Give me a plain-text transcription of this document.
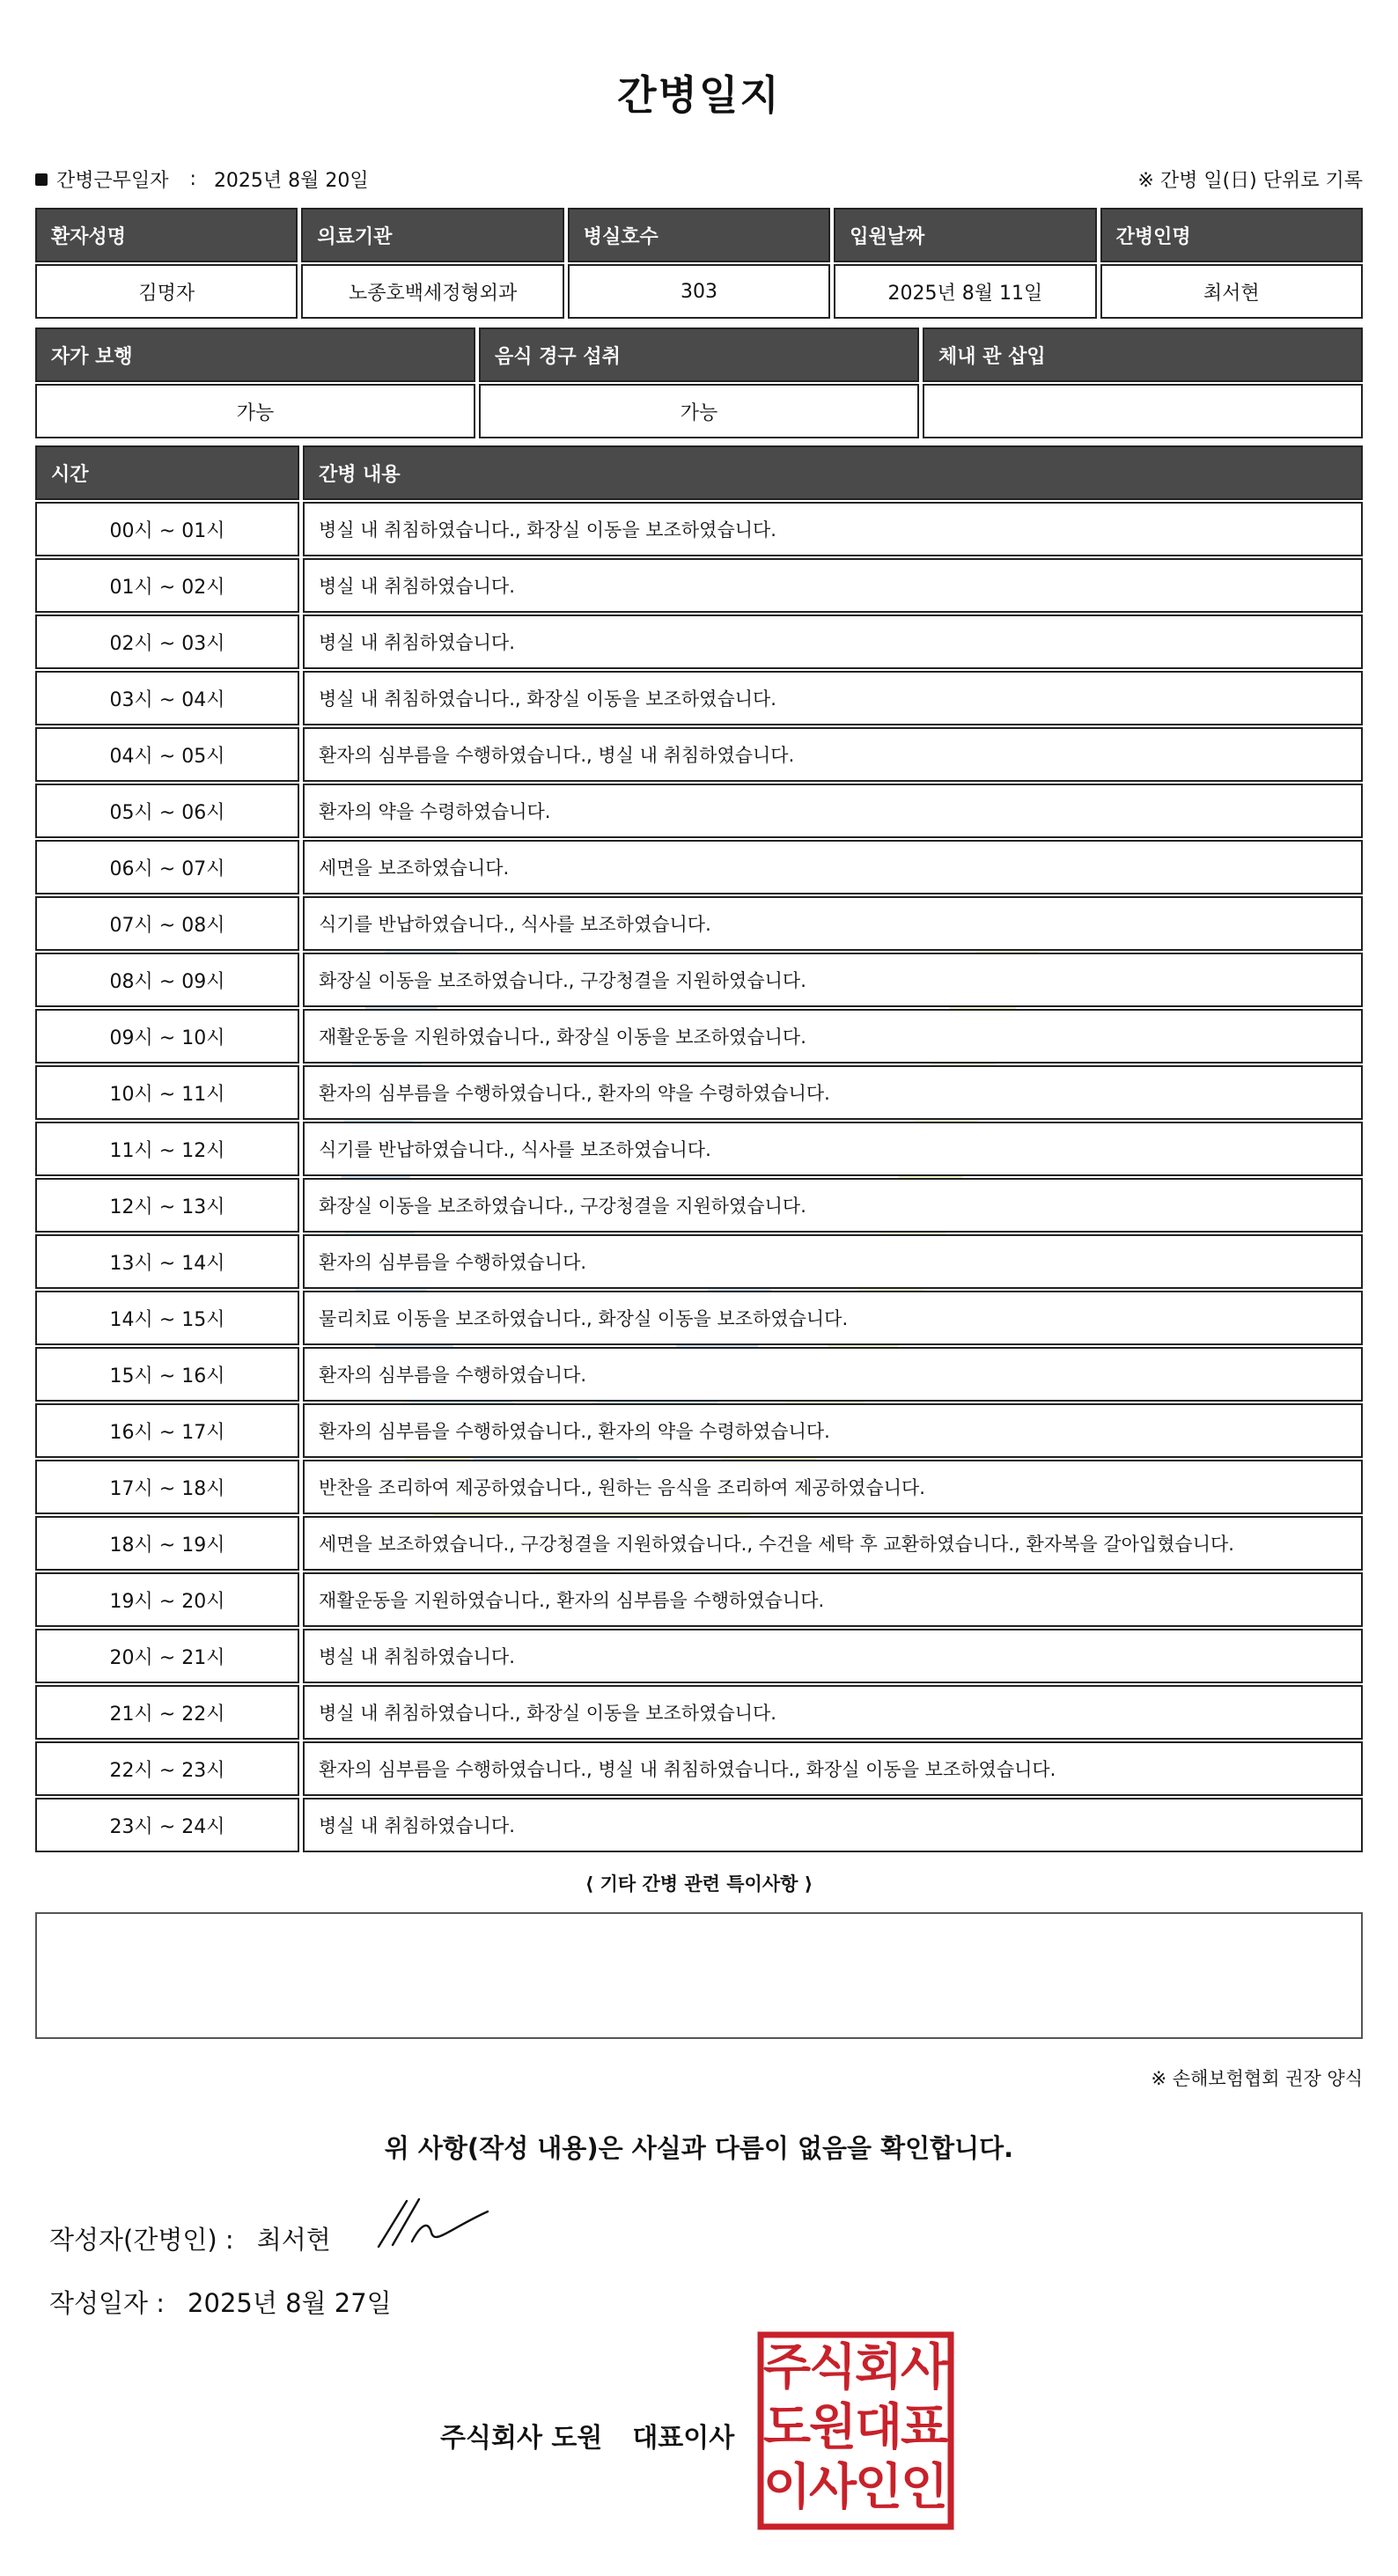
간병일지
간병근무일자 : 2025년 8월 20일	※ 간병 일(日) 단위로 기록
환자성명	의료기관	병실호수	입원날짜	간병인명
김명자	노종호백세정형외과	303	2025년 8월 11일	최서현
자가 보행	음식 경구 섭취	체내 관 삽입
가능	가능
시간	간병 내용
00시 ~ 01시	병실 내 취침하였습니다., 화장실 이동을 보조하였습니다.
01시 ~ 02시	병실 내 취침하였습니다.
02시 ~ 03시	병실 내 취침하였습니다.
03시 ~ 04시	병실 내 취침하였습니다., 화장실 이동을 보조하였습니다.
04시 ~ 05시	환자의 심부름을 수행하였습니다., 병실 내 취침하였습니다.
05시 ~ 06시	환자의 약을 수령하였습니다.
06시 ~ 07시	세면을 보조하였습니다.
07시 ~ 08시	식기를 반납하였습니다., 식사를 보조하였습니다.
08시 ~ 09시	화장실 이동을 보조하였습니다., 구강청결을 지원하였습니다.
09시 ~ 10시	재활운동을 지원하였습니다., 화장실 이동을 보조하였습니다.
10시 ~ 11시	환자의 심부름을 수행하였습니다., 환자의 약을 수령하였습니다.
11시 ~ 12시	식기를 반납하였습니다., 식사를 보조하였습니다.
12시 ~ 13시	화장실 이동을 보조하였습니다., 구강청결을 지원하였습니다.
13시 ~ 14시	환자의 심부름을 수행하였습니다.
14시 ~ 15시	물리치료 이동을 보조하였습니다., 화장실 이동을 보조하였습니다.
15시 ~ 16시	환자의 심부름을 수행하였습니다.
16시 ~ 17시	환자의 심부름을 수행하였습니다., 환자의 약을 수령하였습니다.
17시 ~ 18시	반찬을 조리하여 제공하였습니다., 원하는 음식을 조리하여 제공하였습니다.
18시 ~ 19시	세면을 보조하였습니다., 구강청결을 지원하였습니다., 수건을 세탁 후 교환하였습니다., 환자복을 갈아입혔습니다.
19시 ~ 20시	재활운동을 지원하였습니다., 환자의 심부름을 수행하였습니다.
20시 ~ 21시	병실 내 취침하였습니다.
21시 ~ 22시	병실 내 취침하였습니다., 화장실 이동을 보조하였습니다.
22시 ~ 23시	환자의 심부름을 수행하였습니다., 병실 내 취침하였습니다., 화장실 이동을 보조하였습니다.
23시 ~ 24시	병실 내 취침하였습니다.
⟨ 기타 간병 관련 특이사항 ⟩
※ 손해보험협회 권장 양식
위 사항(작성 내용)은 사실과 다름이 없음을 확인합니다.
작성자(간병인) : 최서현
작성일자 : 2025년 8월 27일
주식회사 도원 대표이사
주
식
회
사
도
원
대
표
이
사
인
인
